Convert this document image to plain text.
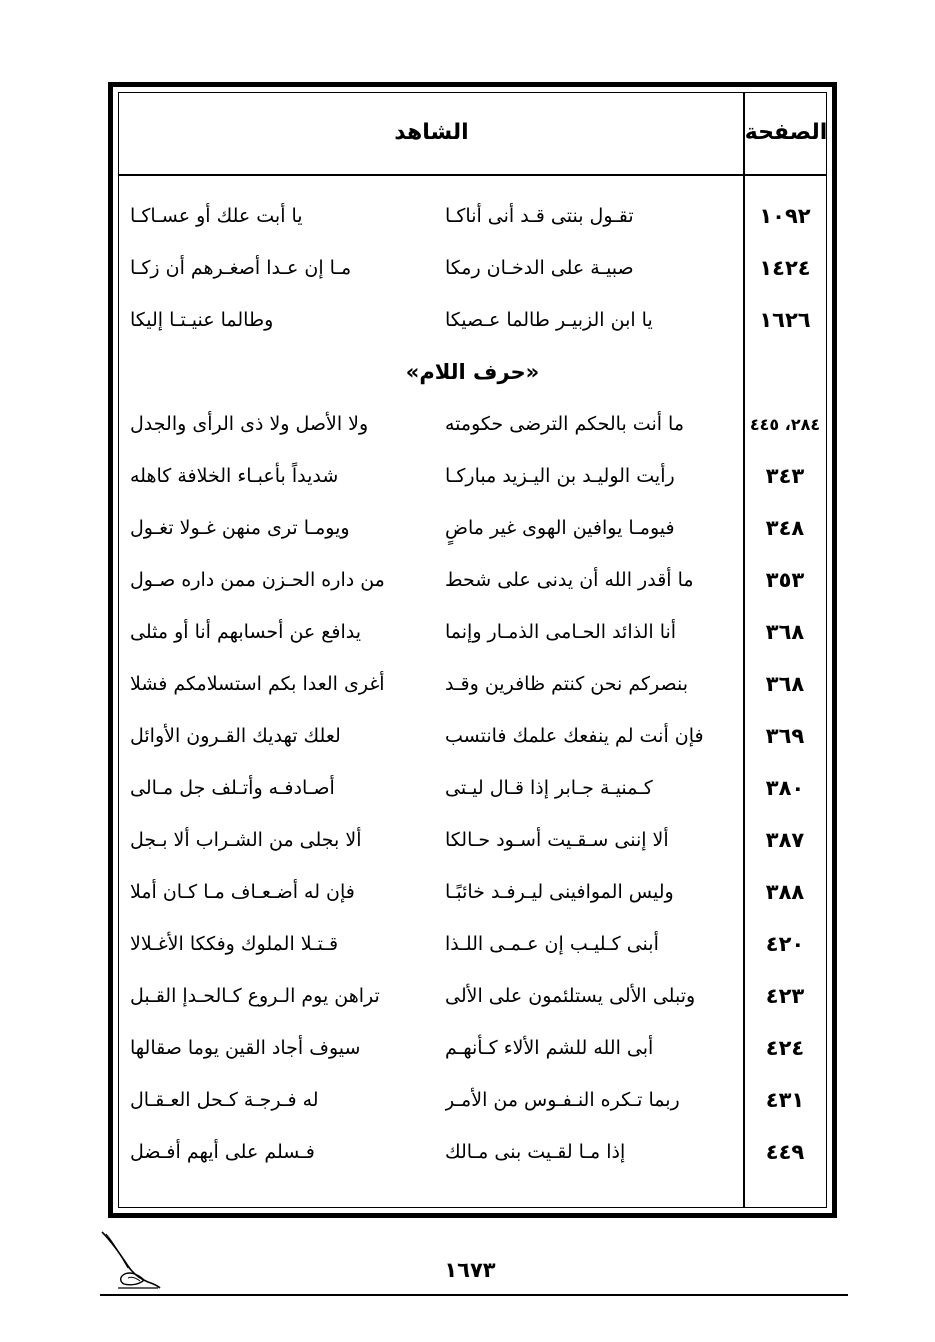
الصفحة
الشاهد
١٠٩٢
تقـول بنتى قـد أنى أناكـا
يا أبت علك أو عسـاكـا
١٤٢٤
صبيـة على الدخـان رمكا
مـا إن عـدا أصغـرهم أن زكـا
١٦٢٦
يا ابن الزبيـر طالما عـصيكا
وطالما عنيـتـا إليكا
«حرف اللام»
٢٨٤، ٤٤٥
ما أنت بالحكم الترضى حكومته
ولا الأصل ولا ذى الرأى والجدل
٣٤٣
رأيت الوليـد بن اليـزيد مباركـا
شديداً بأعبـاء الخلافة كاهله
٣٤٨
فيومـا يوافين الهوى غير ماضٍ
ويومـا ترى منهن غـولا تغـول
٣٥٣
ما أقدر الله أن يدنى على شحط
من داره الحـزن ممن داره صـول
٣٦٨
أنا الذائد الحـامى الذمـار وإنما
يدافع عن أحسابهم أنا أو مثلى
٣٦٨
بنصركم نحن كنتم ظافرين وقـد
أغرى العدا بكم استسلامكم فشلا
٣٦٩
فإن أنت لم ينفعك علمك فانتسب
لعلك تهديك القـرون الأوائل
٣٨٠
كـمنيـة جـابر إذا قـال ليـتى
أصـادفـه وأتـلف جل مـالى
٣٨٧
ألا إننى سـقـيت أسـود حـالكا
ألا بجلى من الشـراب ألا بـجل
٣٨٨
وليس الموافينى ليـرفـد خائبًـا
فإن له أضـعـاف مـا كـان أملا
٤٢٠
أبنى كـليـب إن عـمـى اللـذا
قـتـلا الملوك وفككا الأغـلالا
٤٢٣
وتبلى الألى يستلئمون على الألى
تراهن يوم الـروع كـالحـدإ القـبل
٤٢٤
أبى الله للشم الألاء كـأنهـم
سيوف أجاد القين يوما صقالها
٤٣١
ربما تـكره النـفـوس من الأمـر
له فـرجـة كـحل العـقـال
٤٤٩
إذا مـا لقـيت بنى مـالك
فـسلم على أيهم أفـضل
١٦٧٣
